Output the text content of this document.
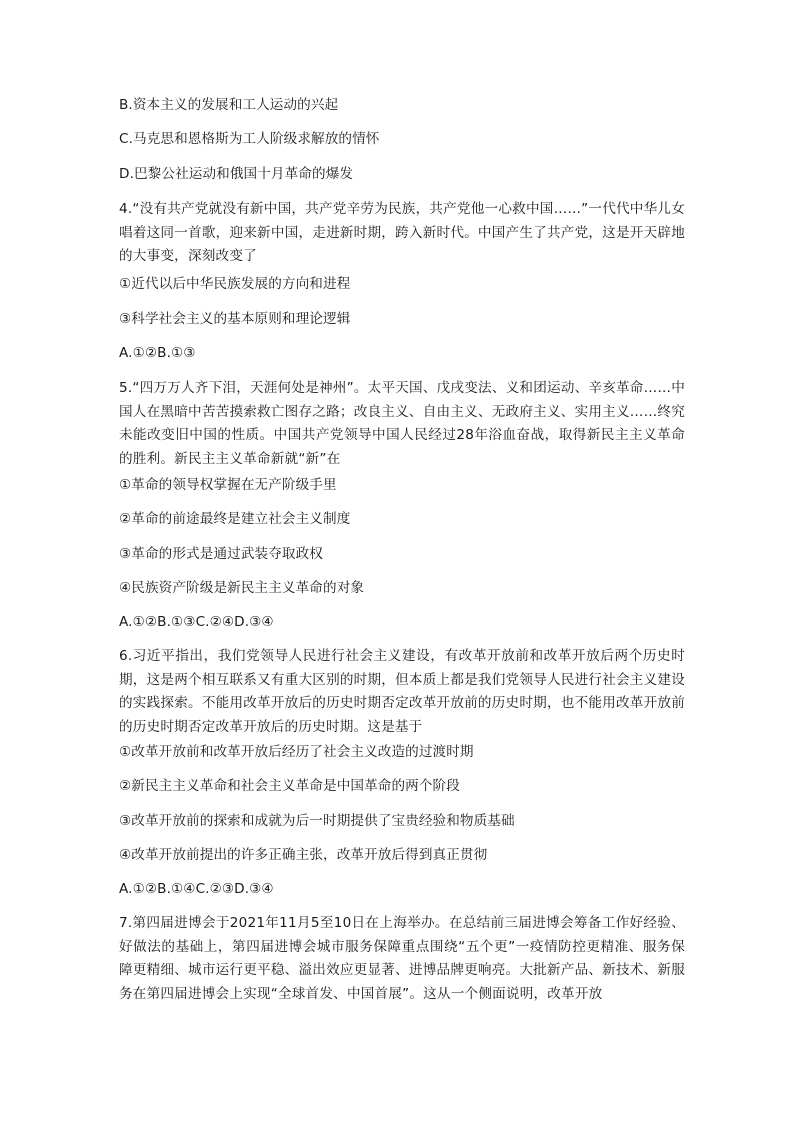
B.资本主义的发展和工人运动的兴起
C.马克思和恩格斯为工人阶级求解放的情怀
D.巴黎公社运动和俄国十月革命的爆发
4.“没有共产党就没有新中国，共产党辛劳为民族，共产党他一心救中国……”一代代中华儿女唱着这同一首歌，迎来新中国，走进新时期，跨入新时代。中国产生了共产党，这是开天辟地的大事变，深刻改变了
①近代以后中华民族发展的方向和进程
③科学社会主义的基本原则和理论逻辑
A.①②B.①③
5.“四万万人齐下泪，天涯何处是神州”。太平天国、戊戌变法、义和团运动、辛亥革命……中国人在黑暗中苦苦摸索救亡图存之路；改良主义、自由主义、无政府主义、实用主义……终究未能改变旧中国的性质。中国共产党领导中国人民经过28年浴血奋战，取得新民主主义革命的胜利。新民主主义革命新就“新”在
①革命的领导权掌握在无产阶级手里
②革命的前途最终是建立社会主义制度
③革命的形式是通过武装夺取政权
④民族资产阶级是新民主主义革命的对象
A.①②B.①③C.②④D.③④
6.习近平指出，我们党领导人民进行社会主义建设，有改革开放前和改革开放后两个历史时期，这是两个相互联系又有重大区别的时期，但本质上都是我们党领导人民进行社会主义建设的实践探索。不能用改革开放后的历史时期否定改革开放前的历史时期，也不能用改革开放前的历史时期否定改革开放后的历史时期。这是基于
①改革开放前和改革开放后经历了社会主义改造的过渡时期
②新民主主义革命和社会主义革命是中国革命的两个阶段
③改革开放前的探索和成就为后一时期提供了宝贵经验和物质基础
④改革开放前提出的许多正确主张，改革开放后得到真正贯彻
A.①②B.①④C.②③D.③④
7.第四届进博会于2021年11月5至10日在上海举办。在总结前三届进博会筹备工作好经验、好做法的基础上，第四届进博会城市服务保障重点围绕“五个更”一疫情防控更精准、服务保障更精细、城市运行更平稳、溢出效应更显著、进博品牌更响亮。大批新产品、新技术、新服务在第四届进博会上实现“全球首发、中国首展”。这从一个侧面说明，改革开放
